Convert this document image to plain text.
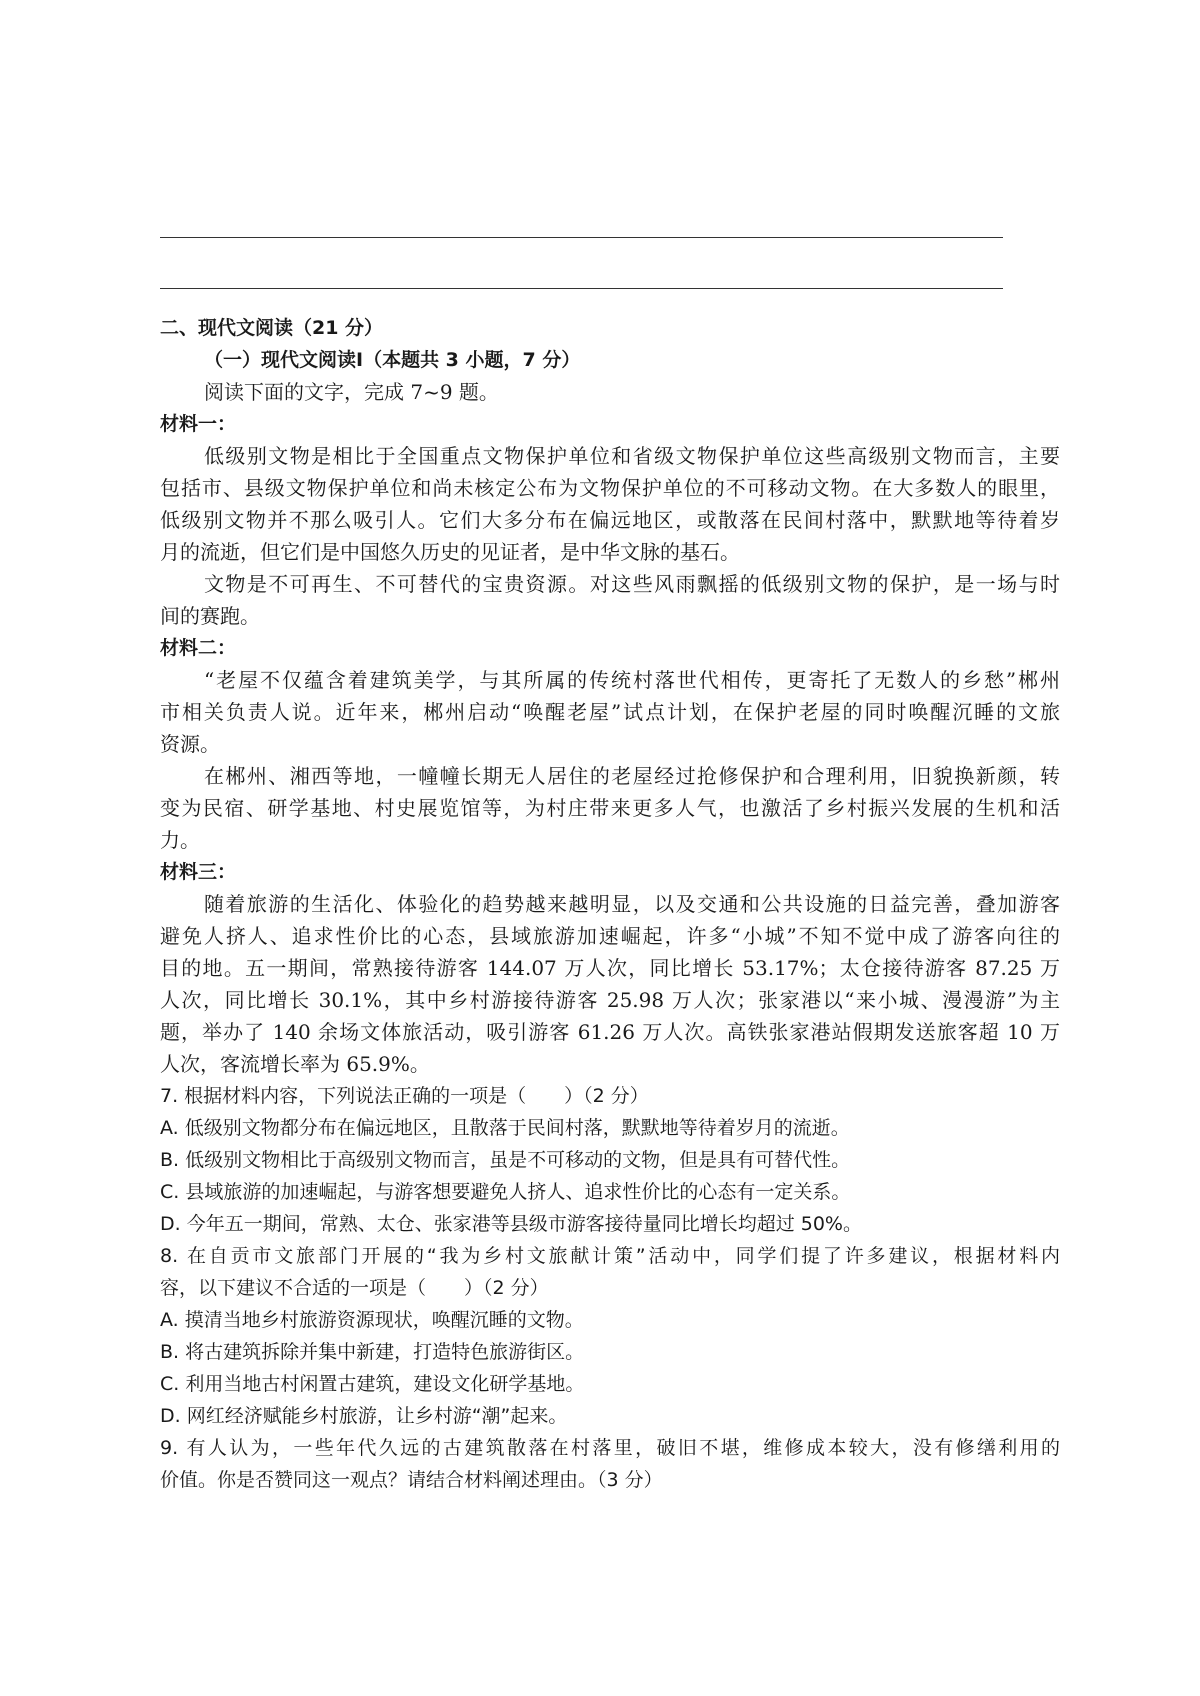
二、现代文阅读（21 分）
（一）现代文阅读Ⅰ（本题共 3 小题，7 分）
阅读下面的文字，完成 7~9 题。
材料一：
低级别文物是相比于全国重点文物保护单位和省级文物保护单位这些高级别文物而言，主要
包括市、县级文物保护单位和尚未核定公布为文物保护单位的不可移动文物。在大多数人的眼里，
低级别文物并不那么吸引人。它们大多分布在偏远地区，或散落在民间村落中，默默地等待着岁
月的流逝，但它们是中国悠久历史的见证者，是中华文脉的基石。
文物是不可再生、不可替代的宝贵资源。对这些风雨飘摇的低级别文物的保护，是一场与时
间的赛跑。
材料二：
“老屋不仅蕴含着建筑美学，与其所属的传统村落世代相传，更寄托了无数人的乡愁”郴州
市相关负责人说。近年来，郴州启动“唤醒老屋”试点计划，在保护老屋的同时唤醒沉睡的文旅
资源。
在郴州、湘西等地，一幢幢长期无人居住的老屋经过抢修保护和合理利用，旧貌换新颜，转
变为民宿、研学基地、村史展览馆等，为村庄带来更多人气，也激活了乡村振兴发展的生机和活
力。
材料三：
随着旅游的生活化、体验化的趋势越来越明显，以及交通和公共设施的日益完善，叠加游客
避免人挤人、追求性价比的心态，县域旅游加速崛起，许多“小城”不知不觉中成了游客向往的
目的地。五一期间，常熟接待游客 144.07 万人次，同比增长 53.17%；太仓接待游客 87.25 万
人次，同比增长 30.1%，其中乡村游接待游客 25.98 万人次；张家港以“来小城、漫漫游”为主
题，举办了 140 余场文体旅活动，吸引游客 61.26 万人次。高铁张家港站假期发送旅客超 10 万
人次，客流增长率为 65.9%。
7. 根据材料内容，下列说法正确的一项是（　　）（2 分）
A. 低级别文物都分布在偏远地区，且散落于民间村落，默默地等待着岁月的流逝。
B. 低级别文物相比于高级别文物而言，虽是不可移动的文物，但是具有可替代性。
C. 县域旅游的加速崛起，与游客想要避免人挤人、追求性价比的心态有一定关系。
D. 今年五一期间，常熟、太仓、张家港等县级市游客接待量同比增长均超过 50%。
8. 在自贡市文旅部门开展的“我为乡村文旅献计策”活动中，同学们提了许多建议，根据材料内
容，以下建议不合适的一项是（　　）（2 分）
A. 摸清当地乡村旅游资源现状，唤醒沉睡的文物。
B. 将古建筑拆除并集中新建，打造特色旅游街区。
C. 利用当地古村闲置古建筑，建设文化研学基地。
D. 网红经济赋能乡村旅游，让乡村游“潮”起来。
9. 有人认为，一些年代久远的古建筑散落在村落里，破旧不堪，维修成本较大，没有修缮利用的
价值。你是否赞同这一观点？请结合材料阐述理由。（3 分）
